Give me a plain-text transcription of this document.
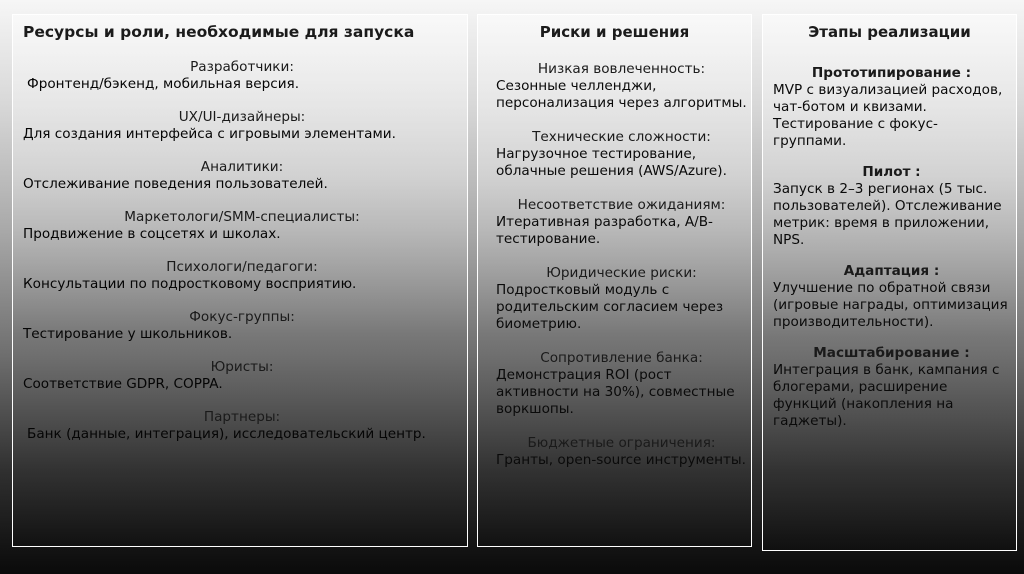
Ресурсы и роли, необходимые для запуска
Разработчики:
Фронтенд/бэкенд, мобильная версия.
UX/UI-дизайнеры:
Для создания интерфейса с игровыми элементами.
Аналитики:
Отслеживание поведения пользователей.
Маркетологи/SMM-специалисты:
Продвижение в соцсетях и школах.
Психологи/педагоги:
Консультации по подростковому восприятию.
Фокус-группы:
Тестирование у школьников.
Юристы:
Соответствие GDPR, COPPA.
Партнеры:
Банк (данные, интеграция), исследовательский центр.
Риски и решения
Низкая вовлеченность:
Сезонные челленджи, персонализация через алгоритмы.
Технические сложности:
Нагрузочное тестирование, облачные решения (AWS/Azure).
Несоответствие ожиданиям:
Итеративная разработка, A/B-тестирование.
Юридические риски:
Подростковый модуль с родительским согласием через биометрию.
Сопротивление банка:
Демонстрация ROI (рост активности на 30%), совместные воркшопы.
Бюджетные ограничения:
Гранты, open-source инструменты.
Этапы реализации
Прототипирование :
MVP с визуализацией расходов, чат-ботом и квизами. Тестирование с фокус-группами.
Пилот :
Запуск в 2–3 регионах (5 тыс. пользователей). Отслеживание метрик: время в приложении, NPS.
Адаптация :
Улучшение по обратной связи (игровые награды, оптимизация производительности).
Масштабирование :
Интеграция в банк, кампания с блогерами, расширение функций (накопления на гаджеты).
